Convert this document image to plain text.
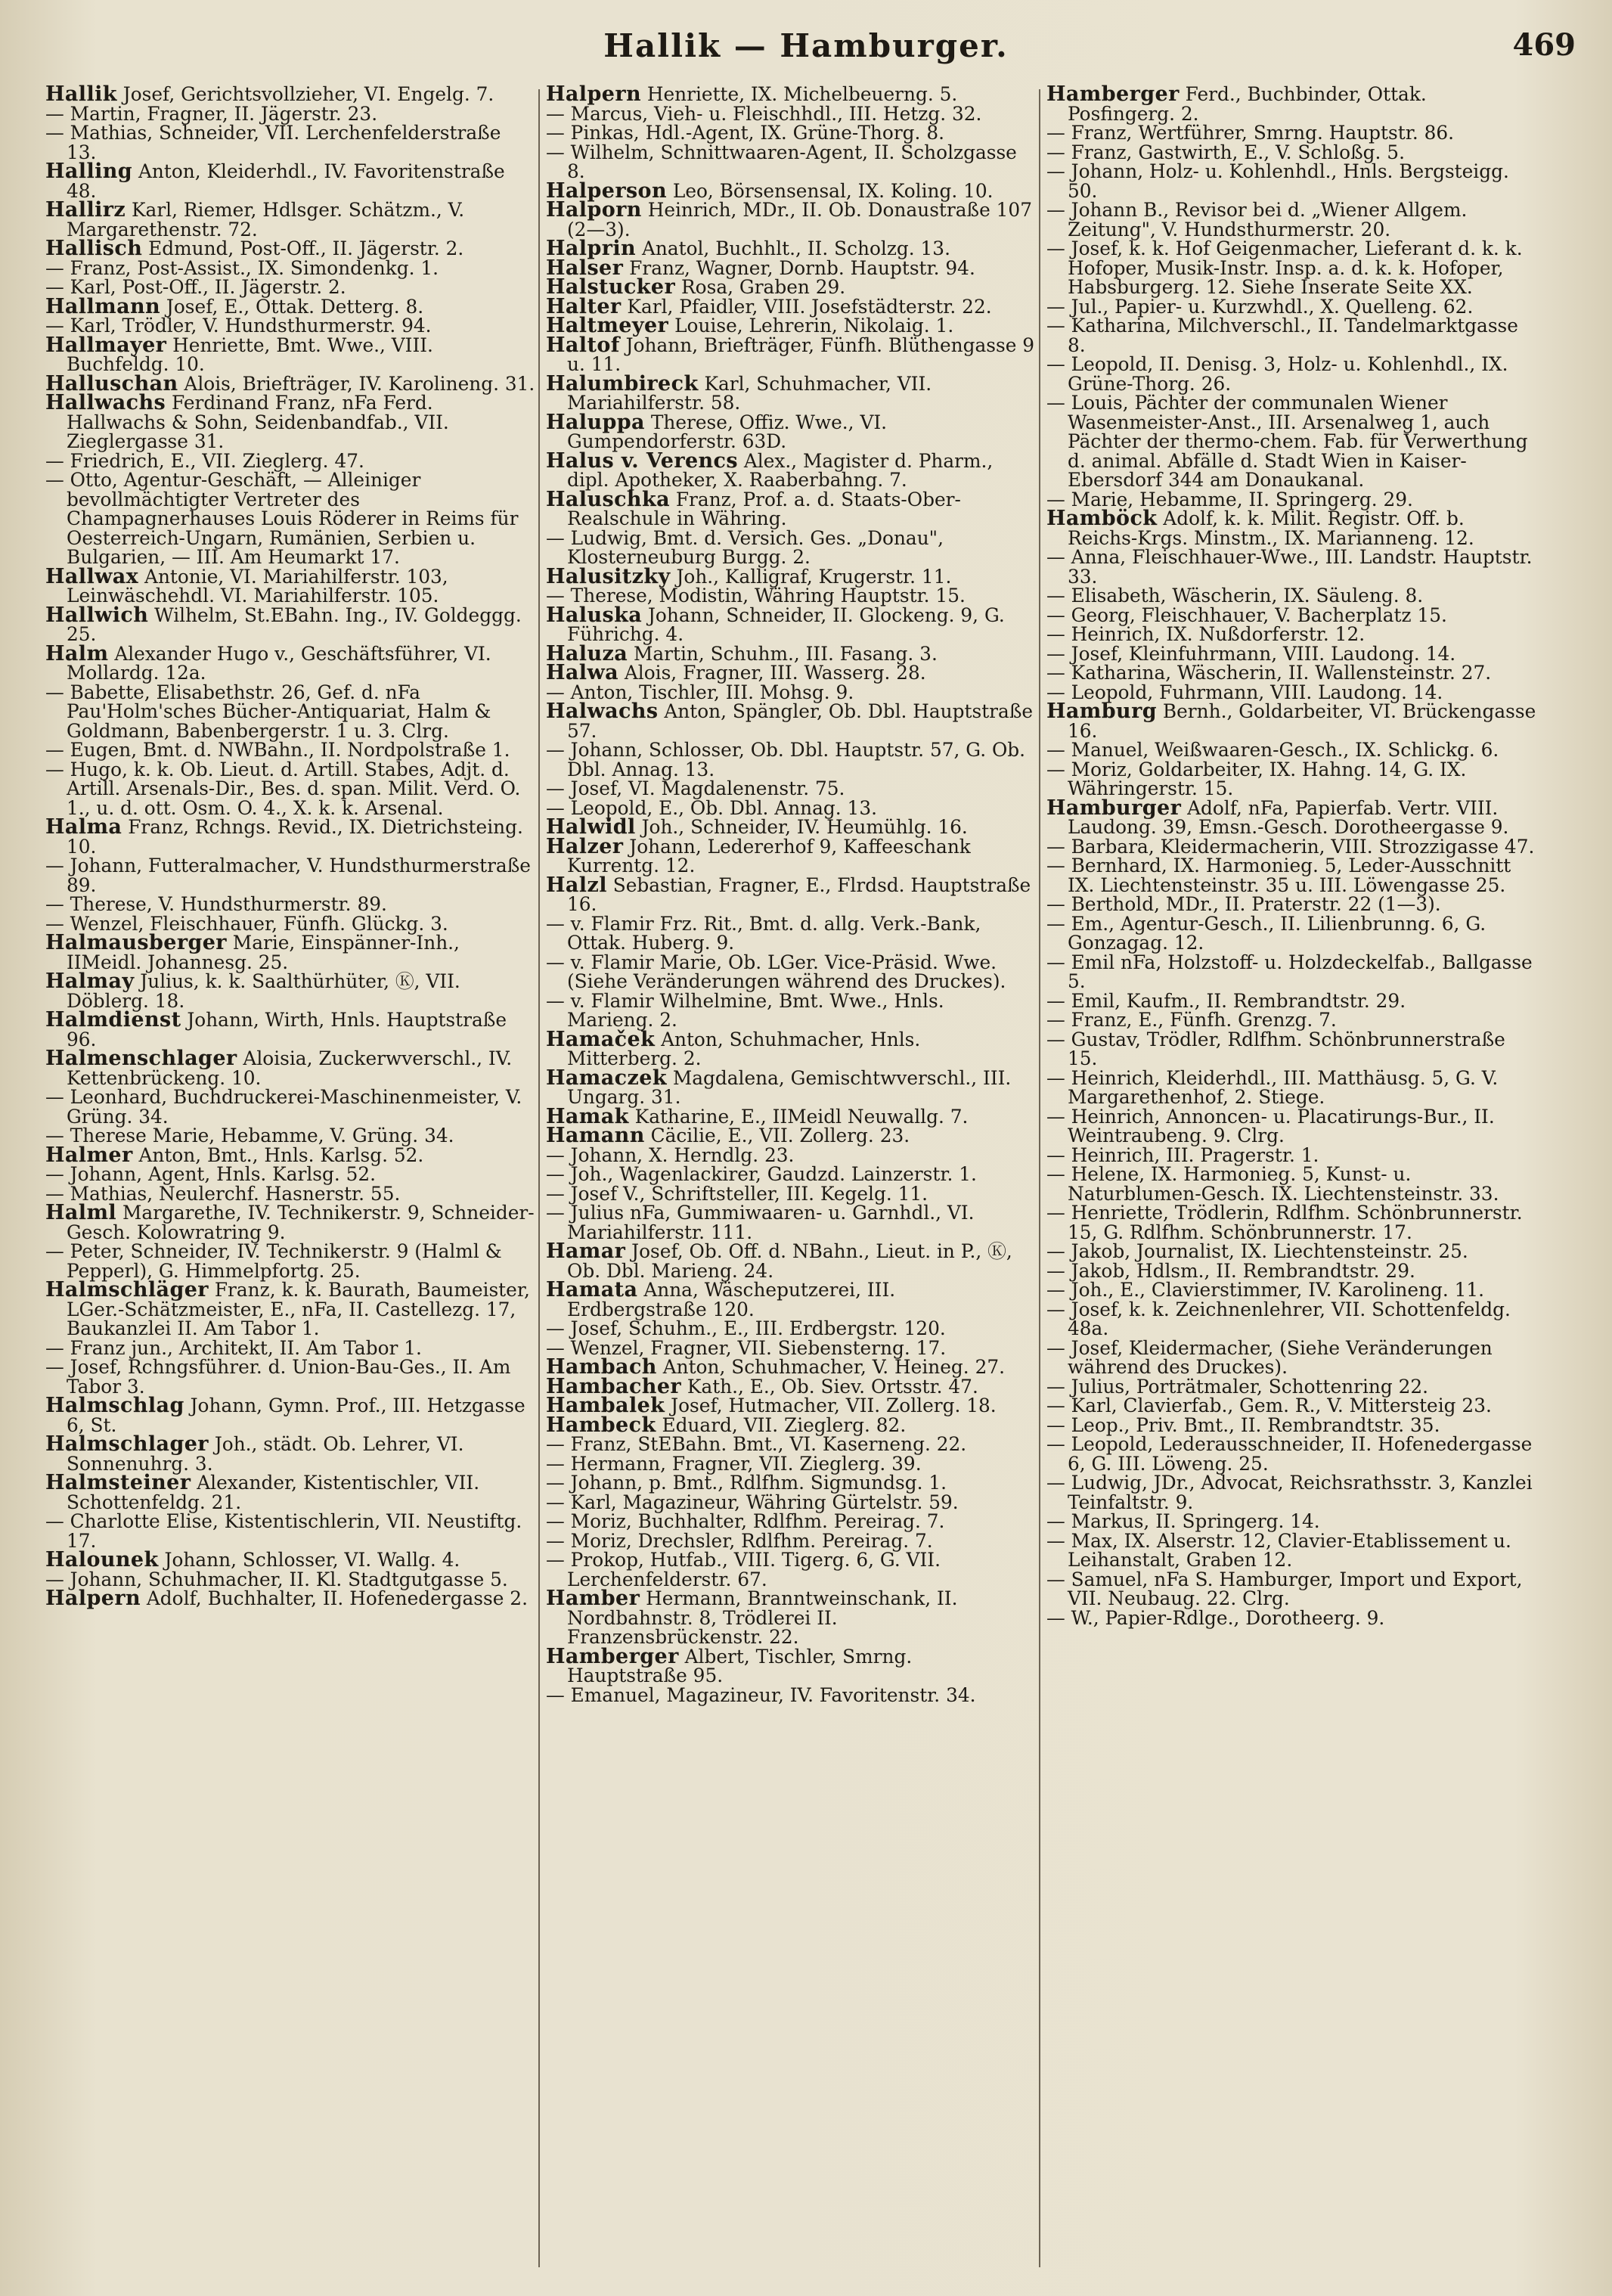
Hallik — Hamburger.	469

Hallik Josef, Gerichtsvollzieher, VI. Engelg. 7.

— Martin, Fragner, II. Jägerstr. 23.

— Mathias, Schneider, VII. Lerchenfelderstraße 13.

Halling Anton, Kleiderhdl., IV. Favoritenstraße 48.

Hallirz Karl, Riemer, Hdlsger. Schätzm., V. Margarethenstr. 72.

Hallisch Edmund, Post-Off., II. Jägerstr. 2.

— Franz, Post-Assist., IX. Simondenkg. 1.

— Karl, Post-Off., II. Jägerstr. 2.

Hallmann Josef, E., Ottak. Detterg. 8.

— Karl, Trödler, V. Hundsthurmerstr. 94.

Hallmayer Henriette, Bmt. Wwe., VIII. Buchfeldg. 10.

Halluschan Alois, Briefträger, IV. Karolineng. 31.

Hallwachs Ferdinand Franz, nFa Ferd. Hallwachs & Sohn, Seidenbandfab., VII. Zieglergasse 31.

— Friedrich, E., VII. Zieglerg. 47.

— Otto, Agentur-Geschäft, — Alleiniger bevollmächtigter Vertreter des Champagnerhauses Louis Röderer in Reims für Oesterreich-Ungarn, Rumänien, Serbien u. Bulgarien, — III. Am Heumarkt 17.

Hallwax Antonie, VI. Mariahilferstr. 103, Leinwäschehdl. VI. Mariahilferstr. 105.

Hallwich Wilhelm, St.EBahn. Ing., IV. Goldeggg. 25.

Halm Alexander Hugo v., Geschäftsführer, VI. Mollardg. 12a.

— Babette, Elisabethstr. 26, Gef. d. nFa Pau'Holm'sches Bücher-Antiquariat, Halm & Goldmann, Babenbergerstr. 1 u. 3. Clrg.

— Eugen, Bmt. d. NWBahn., II. Nordpolstraße 1.

— Hugo, k. k. Ob. Lieut. d. Artill. Stabes, Adjt. d. Artill. Arsenals-Dir., Bes. d. span. Milit. Verd. O. 1., u. d. ott. Osm. O. 4., X. k. k. Arsenal.

Halma Franz, Rchngs. Revid., IX. Dietrichsteing. 10.

— Johann, Futteralmacher, V. Hundsthurmerstraße 89.

— Therese, V. Hundsthurmerstr. 89.

— Wenzel, Fleischhauer, Fünfh. Glückg. 3.

Halmausberger Marie, Einspänner-Inh., IIMeidl. Johannesg. 25.

Halmay Julius, k. k. Saalthürhüter, Ⓚ, VII. Döblerg. 18.

Halmdienst Johann, Wirth, Hnls. Hauptstraße 96.

Halmenschlager Aloisia, Zuckerwverschl., IV. Kettenbrückeng. 10.

— Leonhard, Buchdruckerei-Maschinenmeister, V. Grüng. 34.

— Therese Marie, Hebamme, V. Grüng. 34.

Halmer Anton, Bmt., Hnls. Karlsg. 52.

— Johann, Agent, Hnls. Karlsg. 52.

— Mathias, Neulerchf. Hasnerstr. 55.

Halml Margarethe, IV. Technikerstr. 9, Schneider-Gesch. Kolowratring 9.

— Peter, Schneider, IV. Technikerstr. 9 (Halml & Pepperl), G. Himmelpfortg. 25.

Halmschläger Franz, k. k. Baurath, Baumeister, LGer.-Schätzmeister, E., nFa, II. Castellezg. 17, Baukanzlei II. Am Tabor 1.

— Franz jun., Architekt, II. Am Tabor 1.

— Josef, Rchngsführer. d. Union-Bau-Ges., II. Am Tabor 3.

Halmschlag Johann, Gymn. Prof., III. Hetzgasse 6, St.

Halmschlager Joh., städt. Ob. Lehrer, VI. Sonnenuhrg. 3.

Halmsteiner Alexander, Kistentischler, VII. Schottenfeldg. 21.

— Charlotte Elise, Kistentischlerin, VII. Neustiftg. 17.

Halounek Johann, Schlosser, VI. Wallg. 4.

— Johann, Schuhmacher, II. Kl. Stadtgutgasse 5.

Halpern Adolf, Buchhalter, II. Hofenedergasse 2.

Halpern Henriette, IX. Michelbeuerng. 5.

— Marcus, Vieh- u. Fleischhdl., III. Hetzg. 32.

— Pinkas, Hdl.-Agent, IX. Grüne-Thorg. 8.

— Wilhelm, Schnittwaaren-Agent, II. Scholzgasse 8.

Halperson Leo, Börsensensal, IX. Koling. 10.

Halporn Heinrich, MDr., II. Ob. Donaustraße 107 (2—3).

Halprin Anatol, Buchhlt., II. Scholzg. 13.

Halser Franz, Wagner, Dornb. Hauptstr. 94.

Halstucker Rosa, Graben 29.

Halter Karl, Pfaidler, VIII. Josefstädterstr. 22.

Haltmeyer Louise, Lehrerin, Nikolaig. 1.

Haltof Johann, Briefträger, Fünfh. Blüthengasse 9 u. 11.

Halumbireck Karl, Schuhmacher, VII. Mariahilferstr. 58.

Haluppa Therese, Offiz. Wwe., VI. Gumpendorferstr. 63D.

Halus v. Verencs Alex., Magister d. Pharm., dipl. Apotheker, X. Raaberbahng. 7.

Haluschka Franz, Prof. a. d. Staats-Ober-Realschule in Währing.

— Ludwig, Bmt. d. Versich. Ges. „Donau", Klosterneuburg Burgg. 2.

Halusitzky Joh., Kalligraf, Krugerstr. 11.

— Therese, Modistin, Währing Hauptstr. 15.

Haluska Johann, Schneider, II. Glockeng. 9, G. Führichg. 4.

Haluza Martin, Schuhm., III. Fasang. 3.

Halwa Alois, Fragner, III. Wasserg. 28.

— Anton, Tischler, III. Mohsg. 9.

Halwachs Anton, Spängler, Ob. Dbl. Hauptstraße 57.

— Johann, Schlosser, Ob. Dbl. Hauptstr. 57, G. Ob. Dbl. Annag. 13.

— Josef, VI. Magdalenenstr. 75.

— Leopold, E., Ob. Dbl. Annag. 13.

Halwidl Joh., Schneider, IV. Heumühlg. 16.

Halzer Johann, Ledererhof 9, Kaffeeschank Kurrentg. 12.

Halzl Sebastian, Fragner, E., Flrdsd. Hauptstraße 16.

— v. Flamir Frz. Rit., Bmt. d. allg. Verk.-Bank, Ottak. Huberg. 9.

— v. Flamir Marie, Ob. LGer. Vice-Präsid. Wwe. (Siehe Veränderungen während des Druckes).

— v. Flamir Wilhelmine, Bmt. Wwe., Hnls. Marieng. 2.

Hamaček Anton, Schuhmacher, Hnls. Mitterberg. 2.

Hamaczek Magdalena, Gemischtwverschl., III. Ungarg. 31.

Hamak Katharine, E., IIMeidl Neuwallg. 7.

Hamann Cäcilie, E., VII. Zollerg. 23.

— Johann, X. Herndlg. 23.

— Joh., Wagenlackirer, Gaudzd. Lainzerstr. 1.

— Josef V., Schriftsteller, III. Kegelg. 11.

— Julius nFa, Gummiwaaren- u. Garnhdl., VI. Mariahilferstr. 111.

Hamar Josef, Ob. Off. d. NBahn., Lieut. in P., Ⓚ, Ob. Dbl. Marieng. 24.

Hamata Anna, Wäscheputzerei, III. Erdbergstraße 120.

— Josef, Schuhm., E., III. Erdbergstr. 120.

— Wenzel, Fragner, VII. Siebensterng. 17.

Hambach Anton, Schuhmacher, V. Heineg. 27.

Hambacher Kath., E., Ob. Siev. Ortsstr. 47.

Hambalek Josef, Hutmacher, VII. Zollerg. 18.

Hambeck Eduard, VII. Zieglerg. 82.

— Franz, StEBahn. Bmt., VI. Kaserneng. 22.

— Hermann, Fragner, VII. Zieglerg. 39.

— Johann, p. Bmt., Rdlfhm. Sigmundsg. 1.

— Karl, Magazineur, Währing Gürtelstr. 59.

— Moriz, Buchhalter, Rdlfhm. Pereirag. 7.

— Moriz, Drechsler, Rdlfhm. Pereirag. 7.

— Prokop, Hutfab., VIII. Tigerg. 6, G. VII. Lerchenfelderstr. 67.

Hamber Hermann, Branntweinschank, II. Nordbahnstr. 8, Trödlerei II. Franzensbrückenstr. 22.

Hamberger Albert, Tischler, Smrng. Hauptstraße 95.

— Emanuel, Magazineur, IV. Favoritenstr. 34.

Hamberger Ferd., Buchbinder, Ottak. Posfingerg. 2.

— Franz, Wertführer, Smrng. Hauptstr. 86.

— Franz, Gastwirth, E., V. Schloßg. 5.

— Johann, Holz- u. Kohlenhdl., Hnls. Bergsteigg. 50.

— Johann B., Revisor bei d. „Wiener Allgem. Zeitung", V. Hundsthurmerstr. 20.

— Josef, k. k. Hof Geigenmacher, Lieferant d. k. k. Hofoper, Musik-Instr. Insp. a. d. k. k. Hofoper, Habsburgerg. 12. Siehe Inserate Seite XX.

— Jul., Papier- u. Kurzwhdl., X. Quelleng. 62.

— Katharina, Milchverschl., II. Tandelmarktgasse 8.

— Leopold, II. Denisg. 3, Holz- u. Kohlenhdl., IX. Grüne-Thorg. 26.

— Louis, Pächter der communalen Wiener Wasenmeister-Anst., III. Arsenalweg 1, auch Pächter der thermo-chem. Fab. für Verwerthung d. animal. Abfälle d. Stadt Wien in Kaiser-Ebersdorf 344 am Donaukanal.

— Marie, Hebamme, II. Springerg. 29.

Hamböck Adolf, k. k. Milit. Registr. Off. b. Reichs-Krgs. Minstm., IX. Marianneng. 12.

— Anna, Fleischhauer-Wwe., III. Landstr. Hauptstr. 33.

— Elisabeth, Wäscherin, IX. Säuleng. 8.

— Georg, Fleischhauer, V. Bacherplatz 15.

— Heinrich, IX. Nußdorferstr. 12.

— Josef, Kleinfuhrmann, VIII. Laudong. 14.

— Katharina, Wäscherin, II. Wallensteinstr. 27.

— Leopold, Fuhrmann, VIII. Laudong. 14.

Hamburg Bernh., Goldarbeiter, VI. Brückengasse 16.

— Manuel, Weißwaaren-Gesch., IX. Schlickg. 6.

— Moriz, Goldarbeiter, IX. Hahng. 14, G. IX. Währingerstr. 15.

Hamburger Adolf, nFa, Papierfab. Vertr. VIII. Laudong. 39, Emsn.-Gesch. Dorotheergasse 9.

— Barbara, Kleidermacherin, VIII. Strozzigasse 47.

— Bernhard, IX. Harmonieg. 5, Leder-Ausschnitt IX. Liechtensteinstr. 35 u. III. Löwengasse 25.

— Berthold, MDr., II. Praterstr. 22 (1—3).

— Em., Agentur-Gesch., II. Lilienbrunng. 6, G. Gonzagag. 12.

— Emil nFa, Holzstoff- u. Holzdeckelfab., Ballgasse 5.

— Emil, Kaufm., II. Rembrandtstr. 29.

— Franz, E., Fünfh. Grenzg. 7.

— Gustav, Trödler, Rdlfhm. Schönbrunnerstraße 15.

— Heinrich, Kleiderhdl., III. Matthäusg. 5, G. V. Margarethenhof, 2. Stiege.

— Heinrich, Annoncen- u. Placatirungs-Bur., II. Weintraubeng. 9. Clrg.

— Heinrich, III. Pragerstr. 1.

— Helene, IX. Harmonieg. 5, Kunst- u. Naturblumen-Gesch. IX. Liechtensteinstr. 33.

— Henriette, Trödlerin, Rdlfhm. Schönbrunnerstr. 15, G. Rdlfhm. Schönbrunnerstr. 17.

— Jakob, Journalist, IX. Liechtensteinstr. 25.

— Jakob, Hdlsm., II. Rembrandtstr. 29.

— Joh., E., Clavierstimmer, IV. Karolineng. 11.

— Josef, k. k. Zeichnenlehrer, VII. Schottenfeldg. 48a.

— Josef, Kleidermacher, (Siehe Veränderungen während des Druckes).

— Julius, Porträtmaler, Schottenring 22.

— Karl, Clavierfab., Gem. R., V. Mittersteig 23.

— Leop., Priv. Bmt., II. Rembrandtstr. 35.

— Leopold, Lederausschneider, II. Hofenedergasse 6, G. III. Löweng. 25.

— Ludwig, JDr., Advocat, Reichsrathsstr. 3, Kanzlei Teinfaltstr. 9.

— Markus, II. Springerg. 14.

— Max, IX. Alserstr. 12, Clavier-Etablissement u. Leihanstalt, Graben 12.

— Samuel, nFa S. Hamburger, Import und Export, VII. Neubaug. 22. Clrg.

— W., Papier-Rdlge., Dorotheerg. 9.
